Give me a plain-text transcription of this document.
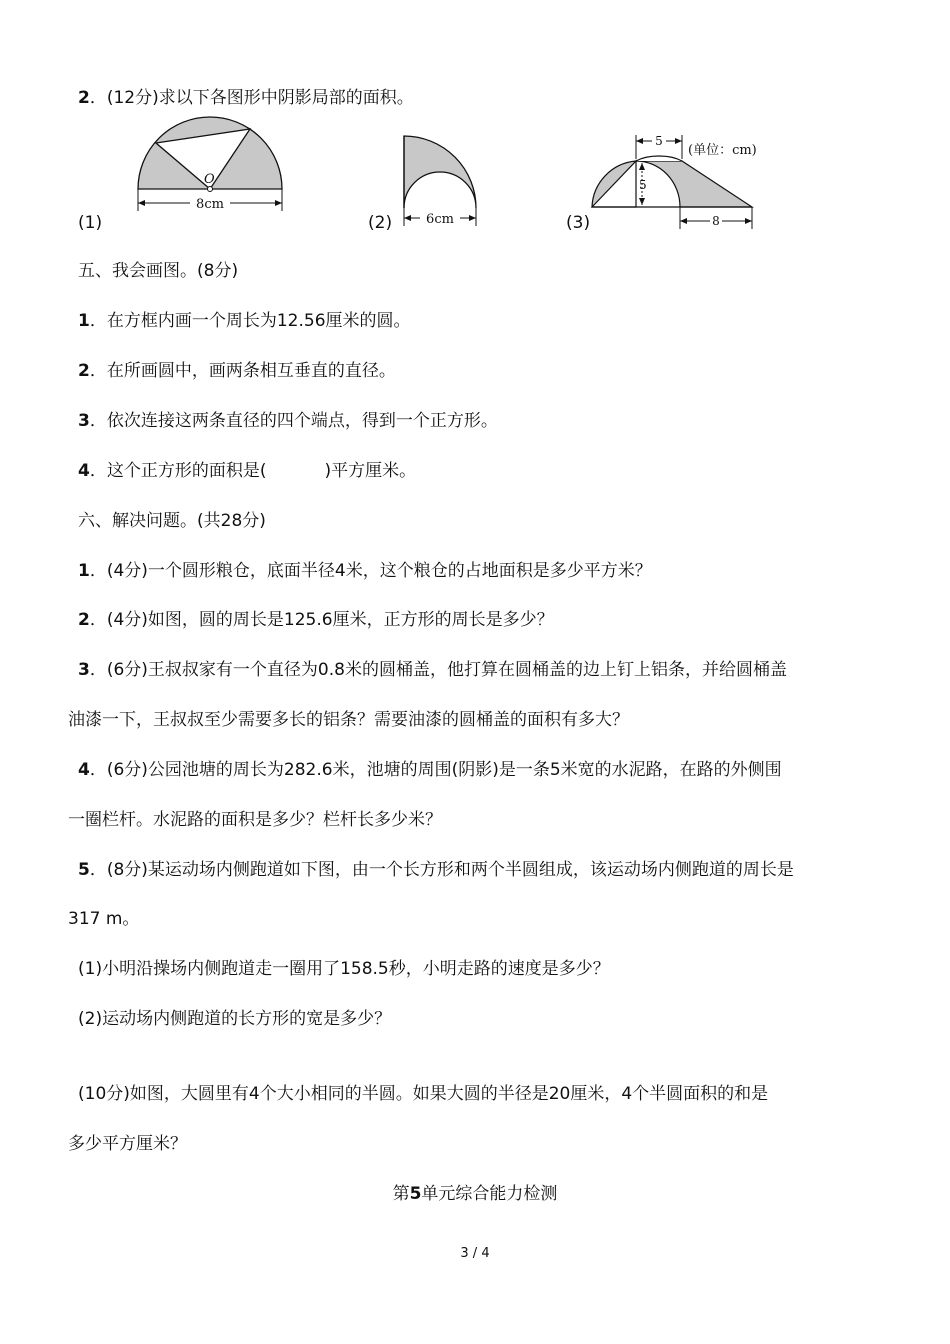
2．(12分)求以下各图形中阴影局部的面积。
(1)
O
8cm
(2)	6cm	(3)
5
5
(单位：cm)
8
五、我会画图。(8分)
1．在方框内画一个周长为12.56厘米的圆。
2．在所画圆中，画两条相互垂直的直径。
3．依次连接这两条直径的四个端点，得到一个正方形。
4．这个正方形的面积是(	)平方厘米。
六、解决问题。(共28分)
1．(4分)一个圆形粮仓，底面半径4米，这个粮仓的占地面积是多少平方米？
2．(4分)如图，圆的周长是125.6厘米，正方形的周长是多少？
3．(6分)王叔叔家有一个直径为0.8米的圆桶盖，他打算在圆桶盖的边上钉上铝条，并给圆桶盖
油漆一下，王叔叔至少需要多长的铝条？需要油漆的圆桶盖的面积有多大？
4．(6分)公园池塘的周长为282.6米，池塘的周围(阴影)是一条5米宽的水泥路，在路的外侧围
一圈栏杆。水泥路的面积是多少？栏杆长多少米？
5．(8分)某运动场内侧跑道如下图，由一个长方形和两个半圆组成，该运动场内侧跑道的周长是
317 m。
(1)小明沿操场内侧跑道走一圈用了158.5秒，小明走路的速度是多少？
(2)运动场内侧跑道的长方形的宽是多少？
(10分)如图，大圆里有4个大小相同的半圆。如果大圆的半径是20厘米，4个半圆面积的和是
多少平方厘米？
第5单元综合能力检测
3 / 4
